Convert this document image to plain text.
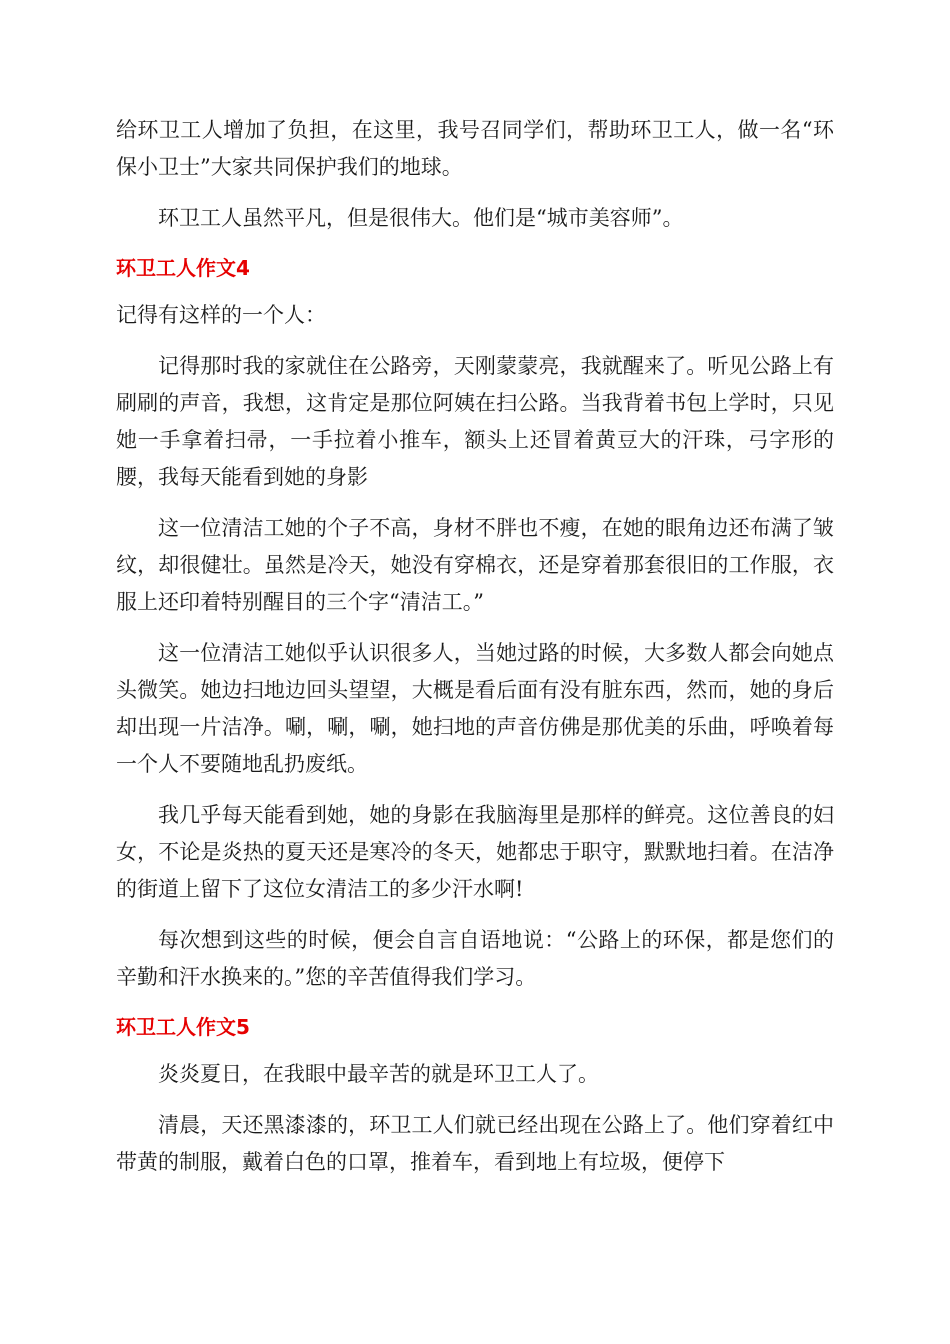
给环卫工人增加了负担，在这里，我号召同学们，帮助环卫工人，做一名“环保小卫士”大家共同保护我们的地球。

环卫工人虽然平凡，但是很伟大。他们是“城市美容师”。

环卫工人作文4

记得有这样的一个人：

记得那时我的家就住在公路旁，天刚蒙蒙亮，我就醒来了。听见公路上有刷刷的声音，我想，这肯定是那位阿姨在扫公路。当我背着书包上学时，只见她一手拿着扫帚，一手拉着小推车，额头上还冒着黄豆大的汗珠，弓字形的腰，我每天能看到她的身影

这一位清洁工她的个子不高，身材不胖也不瘦，在她的眼角边还布满了皱纹，却很健壮。虽然是冷天，她没有穿棉衣，还是穿着那套很旧的工作服，衣服上还印着特别醒目的三个字“清洁工。”

这一位清洁工她似乎认识很多人，当她过路的时候，大多数人都会向她点头微笑。她边扫地边回头望望，大概是看后面有没有脏东西，然而，她的身后却出现一片洁净。唰，唰，唰，她扫地的声音仿佛是那优美的乐曲，呼唤着每一个人不要随地乱扔废纸。

我几乎每天能看到她，她的身影在我脑海里是那样的鲜亮。这位善良的妇女，不论是炎热的夏天还是寒冷的冬天，她都忠于职守，默默地扫着。在洁净的街道上留下了这位女清洁工的多少汗水啊!

每次想到这些的时候，便会自言自语地说：“公路上的环保，都是您们的辛勤和汗水换来的。”您的辛苦值得我们学习。

环卫工人作文5

炎炎夏日，在我眼中最辛苦的就是环卫工人了。

清晨，天还黑漆漆的，环卫工人们就已经出现在公路上了。他们穿着红中带黄的制服，戴着白色的口罩，推着车，看到地上有垃圾，便停下
